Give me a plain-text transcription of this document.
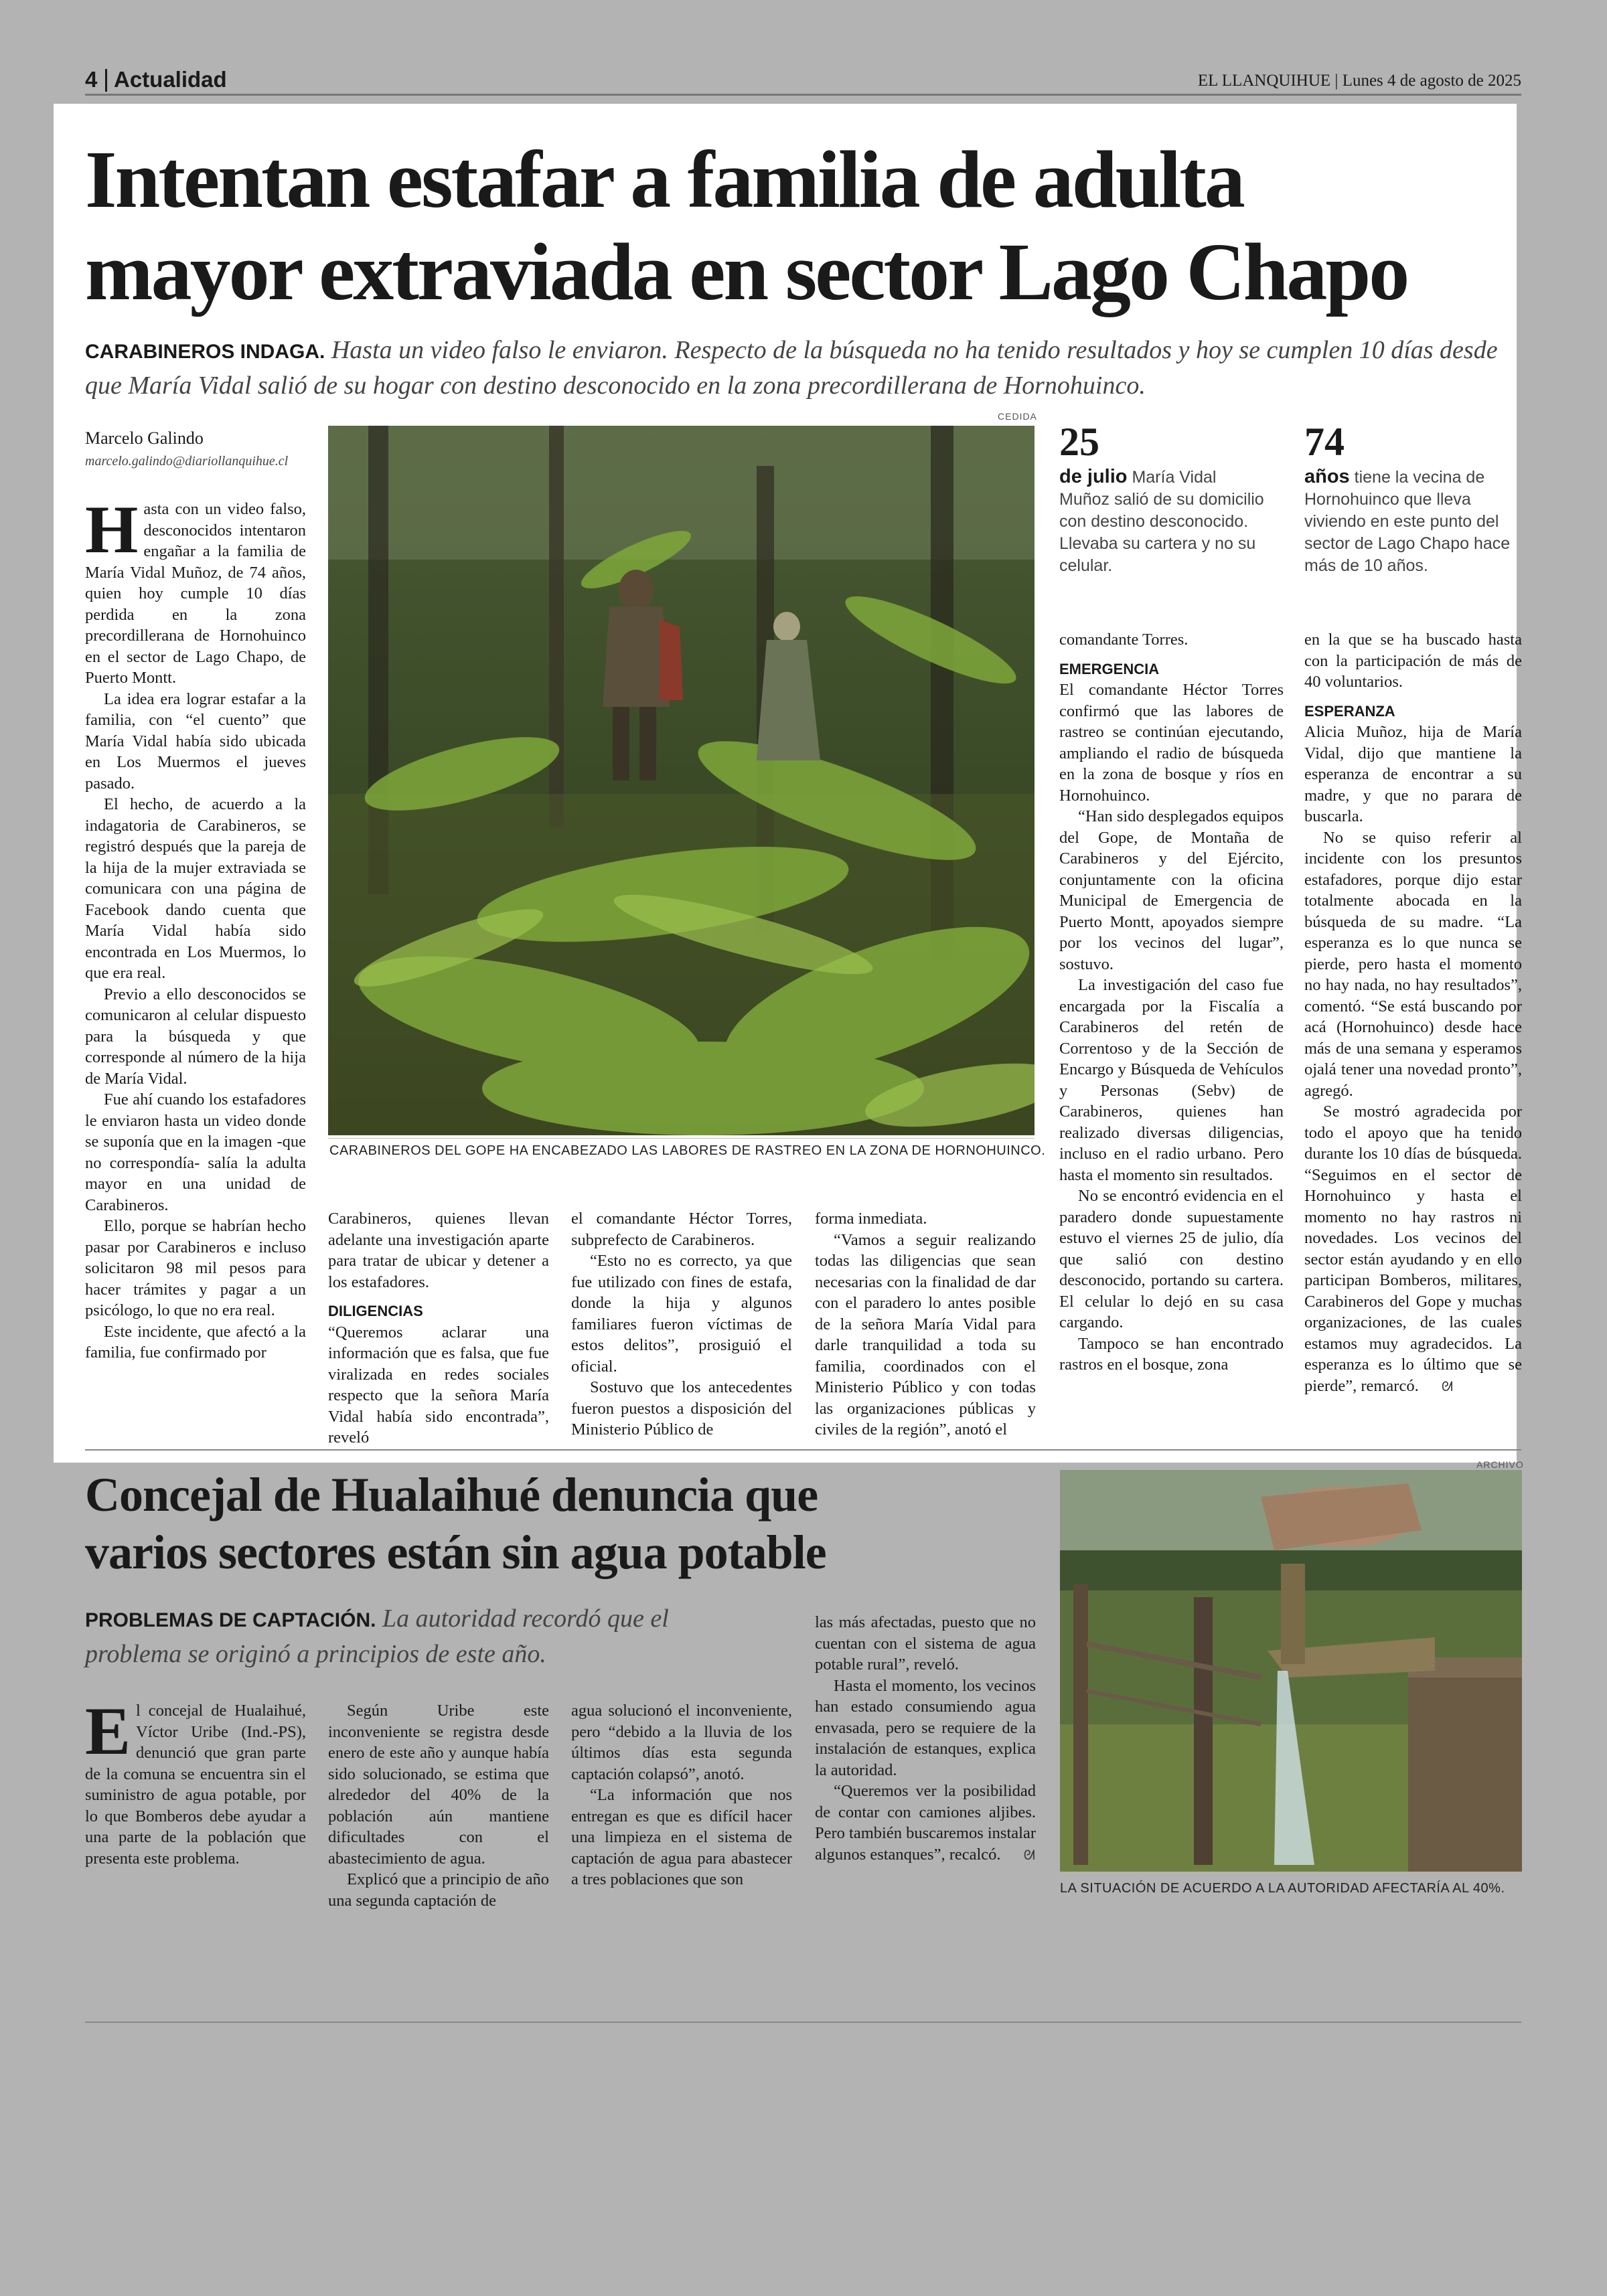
4 Actualidad	EL LLANQUIHUE | Lunes 4 de agosto de 2025
Intentan estafar a familia de adulta
mayor extraviada en sector Lago Chapo
CARABINEROS INDAGA. Hasta un video falso le enviaron. Respecto de la búsqueda no ha tenido resultados y hoy se cumplen 10 días desde que María Vidal salió de su hogar con destino desconocido en la zona precordillerana de Hornohuinco.
Marcelo Galindo
marcelo.galindo@diariollanquihue.cl

Hasta con un video falso, desconocidos intentaron engañar a la familia de María Vidal Muñoz, de 74 años, quien hoy cumple 10 días perdida en la zona precordillerana de Hornohuinco en el sector de Lago Chapo, de Puerto Montt.

La idea era lograr estafar a la familia, con “el cuento” que María Vidal había sido ubicada en Los Muermos el jueves pasado.

El hecho, de acuerdo a la indagatoria de Carabineros, se registró después que la pareja de la hija de la mujer extraviada se comunicara con una página de Facebook dando cuenta que María Vidal había sido encontrada en Los Muermos, lo que era real.

Previo a ello desconocidos se comunicaron al celular dispuesto para la búsqueda y que corresponde al número de la hija de María Vidal.

Fue ahí cuando los estafadores le enviaron hasta un video donde se suponía que en la imagen -que no correspondía- salía la adulta mayor en una unidad de Carabineros.

Ello, porque se habrían hecho pasar por Carabineros e incluso solicitaron 98 mil pesos para hacer trámites y pagar a un psicólogo, lo que no era real.

Este incidente, que afectó a la familia, fue confirmado por

CEDIDA
CARABINEROS DEL GOPE HA ENCABEZADO LAS LABORES DE RASTREO EN LA ZONA DE HORNOHUINCO.

Carabineros, quienes llevan adelante una investigación aparte para tratar de ubicar y detener a los estafadores.

DILIGENCIAS

“Queremos aclarar una información que es falsa, que fue viralizada en redes sociales respecto que la señora María Vidal había sido encontrada”, reveló

el comandante Héctor Torres, subprefecto de Carabineros.

“Esto no es correcto, ya que fue utilizado con fines de estafa, donde la hija y algunos familiares fueron víctimas de estos delitos”, prosiguió el oficial.

Sostuvo que los antecedentes fueron puestos a disposición del Ministerio Público de

forma inmediata.

“Vamos a seguir realizando todas las diligencias que sean necesarias con la finalidad de dar con el paradero lo antes posible de la señora María Vidal para darle tranquilidad a toda su familia, coordinados con el Ministerio Público y con todas las organizaciones públicas y civiles de la región”, anotó el

25
de julio María Vidal Muñoz salió de su domicilio con destino desconocido. Llevaba su cartera y no su celular.
74
años tiene la vecina de Hornohuinco que lleva viviendo en este punto del sector de Lago Chapo hace más de 10 años.

comandante Torres.

EMERGENCIA

El comandante Héctor Torres confirmó que las labores de rastreo se continúan ejecutando, ampliando el radio de búsqueda en la zona de bosque y ríos en Hornohuinco.

“Han sido desplegados equipos del Gope, de Montaña de Carabineros y del Ejército, conjuntamente con la oficina Municipal de Emergencia de Puerto Montt, apoyados siempre por los vecinos del lugar”, sostuvo.

La investigación del caso fue encargada por la Fiscalía a Carabineros del retén de Correntoso y de la Sección de Encargo y Búsqueda de Vehículos y Personas (Sebv) de Carabineros, quienes han realizado diversas diligencias, incluso en el radio urbano. Pero hasta el momento sin resultados.

No se encontró evidencia en el paradero donde supuestamente estuvo el viernes 25 de julio, día que salió con destino desconocido, portando su cartera. El celular lo dejó en su casa cargando.

Tampoco se han encontrado rastros en el bosque, zona

en la que se ha buscado hasta con la participación de más de 40 voluntarios.

ESPERANZA

Alicia Muñoz, hija de María Vidal, dijo que mantiene la esperanza de encontrar a su madre, y que no parara de buscarla.

No se quiso referir al incidente con los presuntos estafadores, porque dijo estar totalmente abocada en la búsqueda de su madre. “La esperanza es lo que nunca se pierde, pero hasta el momento no hay nada, no hay resultados”, comentó. “Se está buscando por acá (Hornohuinco) desde hace más de una semana y esperamos ojalá tener una novedad pronto”, agregó.

Se mostró agradecida por todo el apoyo que ha tenido durante los 10 días de búsqueda. “Seguimos en el sector de Hornohuinco y hasta el momento no hay rastros ni novedades. Los vecinos del sector están ayudando y en ello participan Bomberos, militares, Carabineros del Gope y muchas organizaciones, de las cuales estamos muy agradecidos. La esperanza es lo último que se pierde”, remarcó. ᘛ

Concejal de Hualaihué denuncia que
varios sectores están sin agua potable
PROBLEMAS DE CAPTACIÓN. La autoridad recordó que el problema se originó a principios de este año.

El concejal de Hualaihué, Víctor Uribe (Ind.-PS), denunció que gran parte de la comuna se encuentra sin el suministro de agua potable, por lo que Bomberos debe ayudar a una parte de la población que presenta este problema.

Según Uribe este inconveniente se registra desde enero de este año y aunque había sido solucionado, se estima que alrededor del 40% de la población aún mantiene dificultades con el abastecimiento de agua.

Explicó que a principio de año una segunda captación de

agua solucionó el inconveniente, pero “debido a la lluvia de los últimos días esta segunda captación colapsó”, anotó.

“La información que nos entregan es que es difícil hacer una limpieza en el sistema de captación de agua para abastecer a tres poblaciones que son

las más afectadas, puesto que no cuentan con el sistema de agua potable rural”, reveló.

Hasta el momento, los vecinos han estado consumiendo agua envasada, pero se requiere de la instalación de estanques, explica la autoridad.

“Queremos ver la posibilidad de contar con camiones aljibes. Pero también buscaremos instalar algunos estanques”, recalcó. ᘛ

ARCHIVO
LA SITUACIÓN DE ACUERDO A LA AUTORIDAD AFECTARÍA AL 40%.
